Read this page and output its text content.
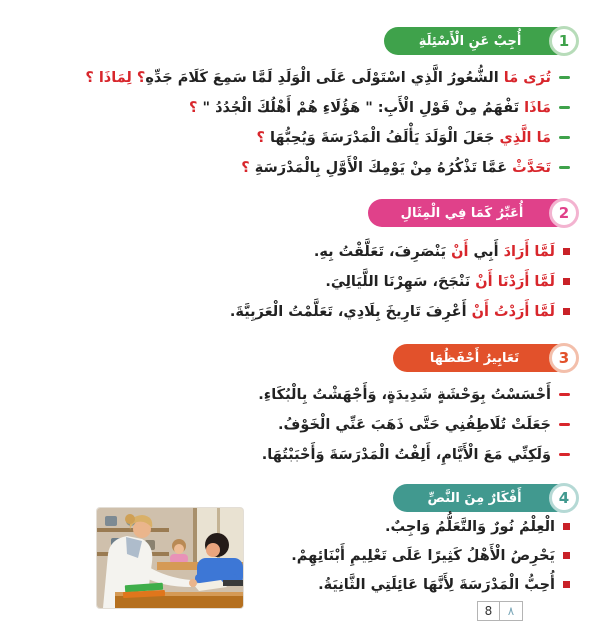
1
أُجِبْ عَنِ الْأَسْئِلَةِ
تُرَى مَا الشُّعُورُ الَّذِي اسْتَوْلَى عَلَى الْوَلَدِ لَمَّا سَمِعَ كَلَامَ جَدِّهِ؟ لِمَاذَا ؟
مَاذَا تَفْهَمُ مِنْ قَوْلِ الْأَبِ: " هَؤُلَاءِ هُمْ أَهْلُكَ الْجُدُدُ " ؟
مَا الَّذِي جَعَلَ الْوَلَدَ يَأْلَفُ الْمَدْرَسَةَ وَيُحِبُّهَا ؟
تَحَدَّثْ عَمَّا تَذْكُرُهُ مِنْ يَوْمِكَ الْأَوَّلِ بِالْمَدْرَسَةِ ؟
2
أُعَبِّرُ كَمَا فِي الْمِثَالِ
لَمَّا أَرَادَ أَبِي أَنْ يَنْصَرِفَ، تَعَلَّقْتُ بِهِ.
لَمَّا أَرَدْنَا أَنْ نَنْجَحَ، سَهِرْنَا اللَّيَالِيَ.
لَمَّا أَرَدْتُ أَنْ أَعْرِفَ تَارِيخَ بِلَادِي، تَعَلَّمْتُ الْعَرَبِيَّةَ.
3
تَعَابِيرُ أَحْفَظُهَا
أَحْسَسْتُ بِوَحْشَةٍ شَدِيدَةٍ، وَأَجْهَشْتُ بِالْبُكَاءِ.
جَعَلَتْ تُلَاطِفُنِي حَتَّى ذَهَبَ عَنِّي الْخَوْفُ.
وَلَكِنِّي مَعَ الْأَيَّامِ، أَلِفْتُ الْمَدْرَسَةَ وَأَحْبَبْتُهَا.
4
أَفْكَارٌ مِنَ النَّصِّ
الْعِلْمُ نُورٌ وَالتَّعَلُّمُ وَاجِبٌ.
يَحْرِصُ الْأَهْلُ كَثِيرًا عَلَى تَعْلِيمِ أَبْنَائِهِمْ.
أُحِبُّ الْمَدْرَسَةَ لِأَنَّهَا عَائِلَتِي الثَّانِيَةُ.
8	٨
